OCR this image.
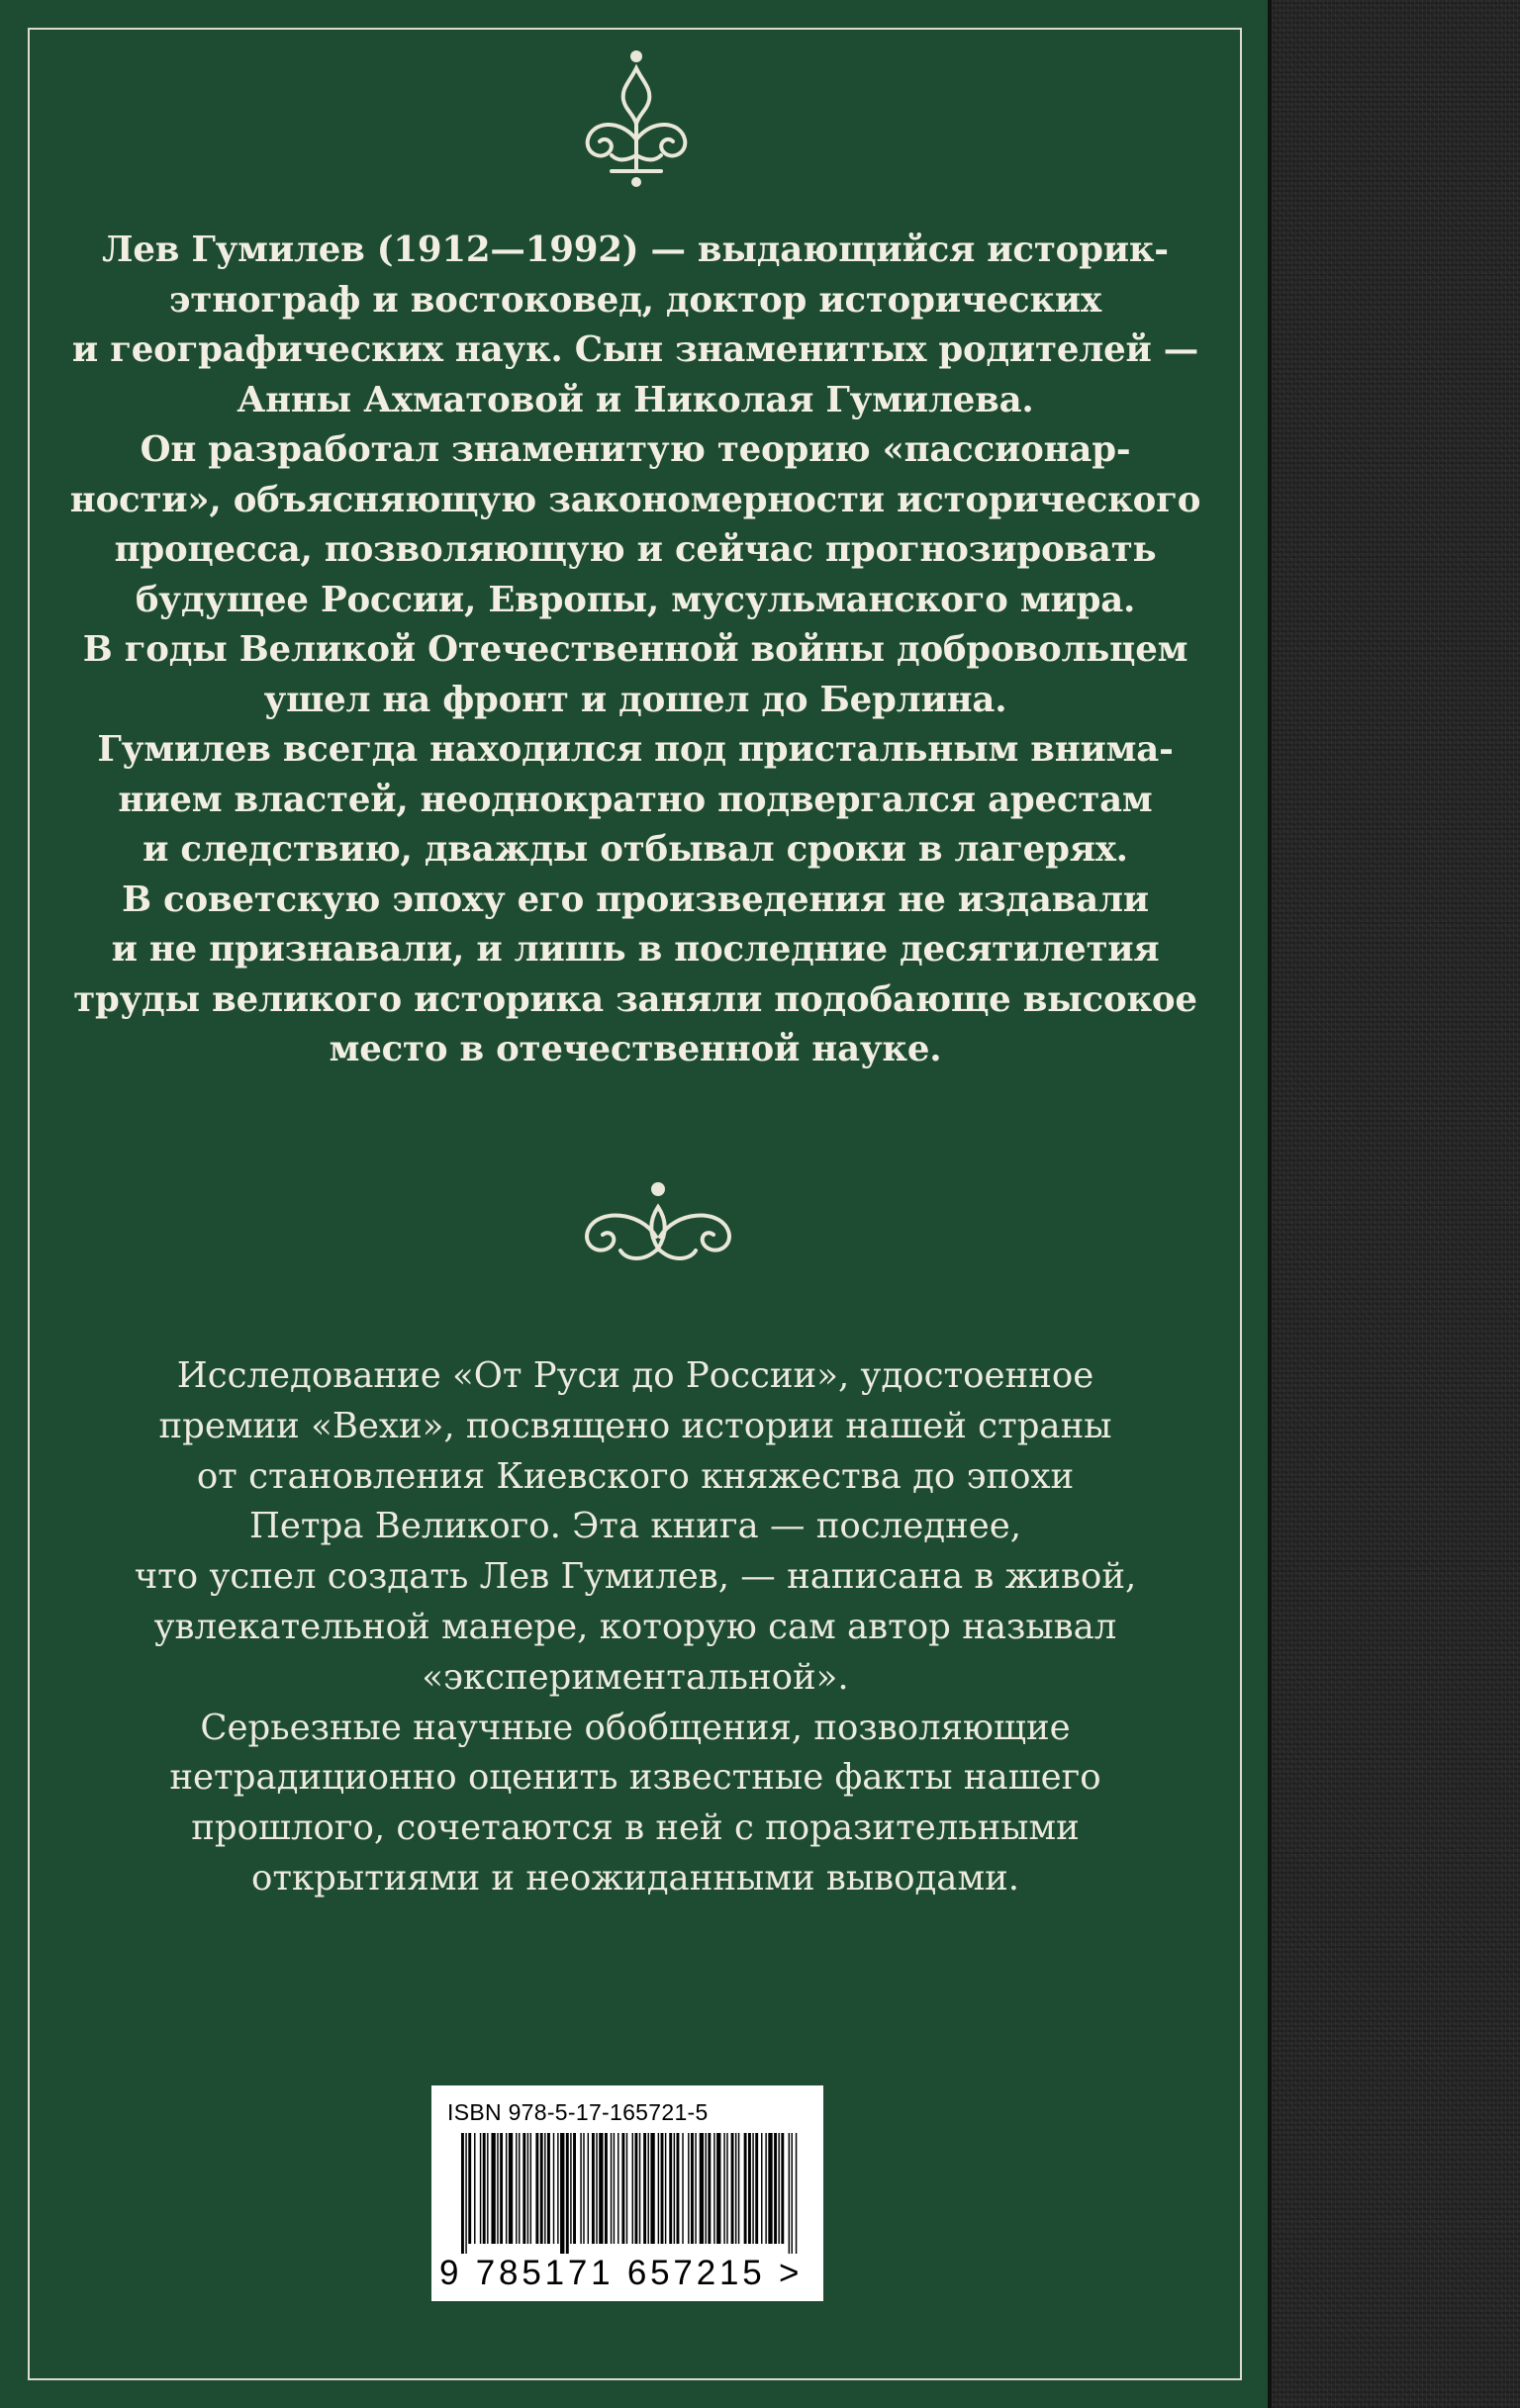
Лев Гумилев (1912—1992) — выдающийся историк-
этнограф и востоковед, доктор исторических
и географических наук. Сын знаменитых родителей —
Анны Ахматовой и Николая Гумилева.
Он разработал знаменитую теорию «пассионар-
ности», объясняющую закономерности исторического
процесса, позволяющую и сейчас прогнозировать
будущее России, Европы, мусульманского мира.
В годы Великой Отечественной войны добровольцем
ушел на фронт и дошел до Берлина.
Гумилев всегда находился под пристальным внима-
нием властей, неоднократно подвергался арестам
и следствию, дважды отбывал сроки в лагерях.
В советскую эпоху его произведения не издавали
и не признавали, и лишь в последние десятилетия
труды великого историка заняли подобающе высокое
место в отечественной науке.
Исследование «От Руси до России», удостоенное
премии «Вехи», посвящено истории нашей страны
от становления Киевского княжества до эпохи
Петра Великого. Эта книга — последнее,
что успел создать Лев Гумилев, — написана в живой,
увлекательной манере, которую сам автор называл
«экспериментальной».
Серьезные научные обобщения, позволяющие
нетрадиционно оценить известные факты нашего
прошлого, сочетаются в ней с поразительными
открытиями и неожиданными выводами.
ISBN 978-5-17-165721-5
9 785171 657215 >
